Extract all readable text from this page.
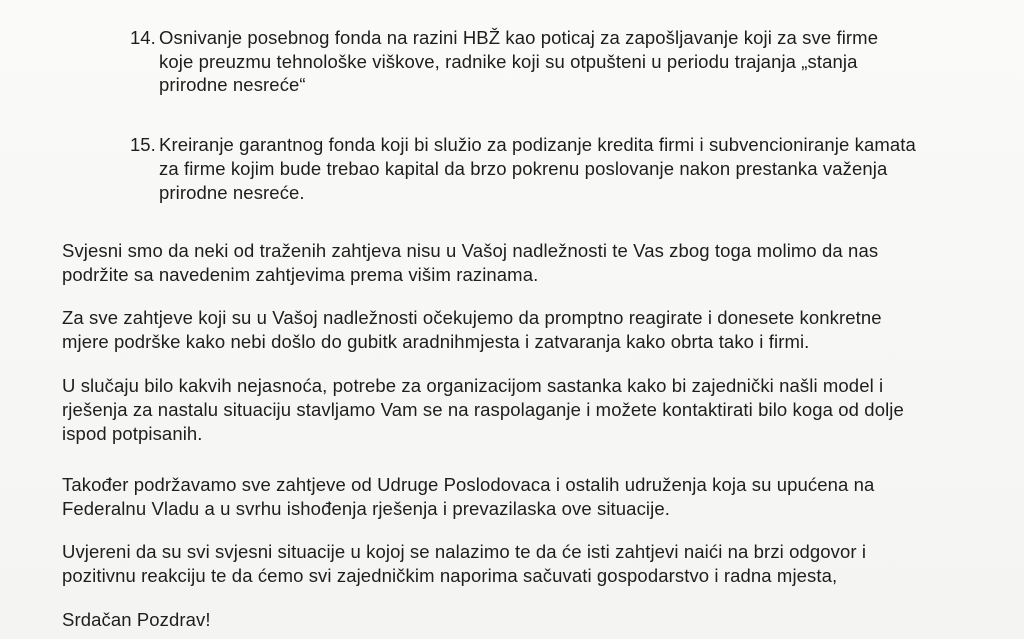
14. Osnivanje posebnog fonda na razini HBŽ kao poticaj za zapošljavanje koji za sve firme
koje preuzmu tehnološke viškove, radnike koji su otpušteni u periodu trajanja „stanja
prirodne nesreće“
15. Kreiranje garantnog fonda koji bi služio za podizanje kredita firmi i subvencioniranje kamata
za firme kojim bude trebao kapital da brzo pokrenu poslovanje nakon prestanka važenja
prirodne nesreće.
Svjesni smo da neki od traženih zahtjeva nisu u Vašoj nadležnosti te Vas zbog toga molimo da nas
podržite sa navedenim zahtjevima prema višim razinama.
Za sve zahtjeve koji su u Vašoj nadležnosti očekujemo da promptno reagirate i donesete konkretne
mjere podrške kako nebi došlo do gubitk aradnihmjesta i zatvaranja kako obrta tako i firmi.
U slučaju bilo kakvih nejasnoća, potrebe za organizacijom sastanka kako bi zajednički našli model i
rješenja za nastalu situaciju stavljamo Vam se na raspolaganje i možete kontaktirati bilo koga od dolje
ispod potpisanih.
Također podržavamo sve zahtjeve od Udruge Poslodovaca i ostalih udruženja koja su upućena na
Federalnu Vladu a u svrhu ishođenja rješenja i prevazilaska ove situacije.
Uvjereni da su svi svjesni situacije u kojoj se nalazimo te da će isti zahtjevi naići na brzi odgovor i
pozitivnu reakciju te da ćemo svi zajedničkim naporima sačuvati gospodarstvo i radna mjesta,
Srdačan Pozdrav!
